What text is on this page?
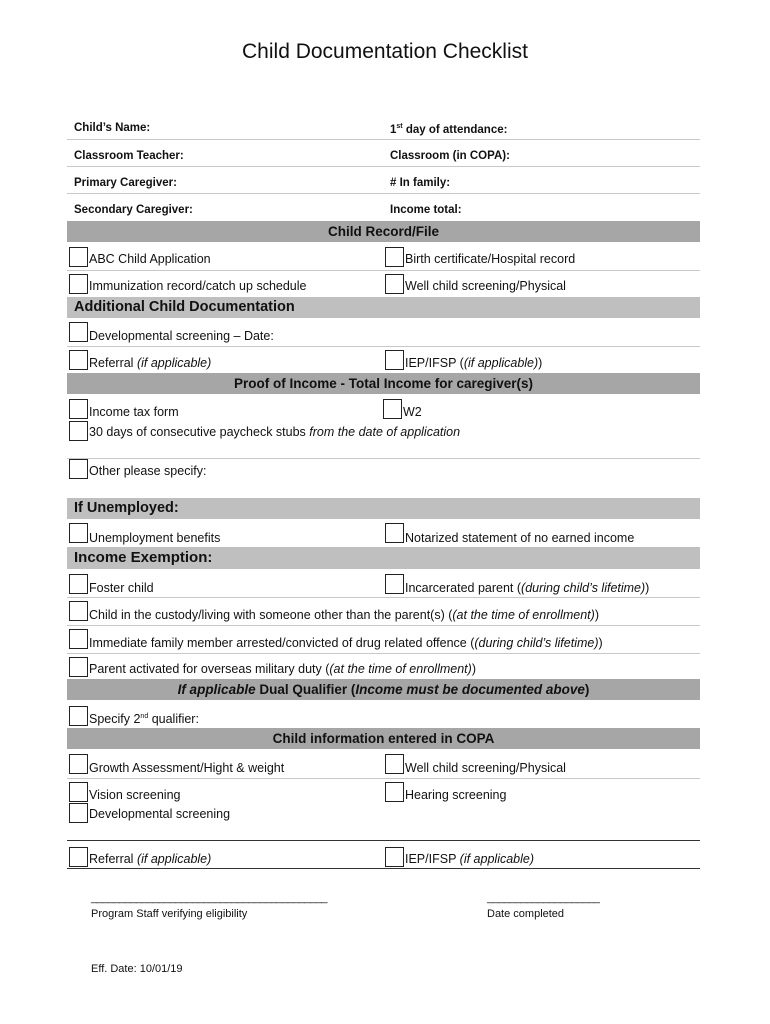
Child Documentation Checklist
Child’s Name:	1st day of attendance:
Classroom Teacher:	Classroom (in COPA):
Primary Caregiver:	# In family:
Secondary Caregiver:	Income total:
Child Record/File
ABC Child Application	Birth certificate/Hospital record
Immunization record/catch up schedule	Well child screening/Physical
Additional Child Documentation
Developmental screening – Date:
Referral (if applicable)	IEP/IFSP ((if applicable))
Proof of Income - Total Income for caregiver(s)
Income tax form	W2
30 days of consecutive paycheck stubs from the date of application
Other please specify:
If Unemployed:
Unemployment benefits	Notarized statement of no earned income
Income Exemption:
Foster child	Incarcerated parent ((during child’s lifetime))
Child in the custody/living with someone other than the parent(s) ((at the time of enrollment))
Immediate family member arrested/convicted of drug related offence ((during child’s lifetime))
Parent activated for overseas military duty ((at the time of enrollment))
If applicable Dual Qualifier (Income must be documented above)
Specify 2nd qualifier:
Child information entered in COPA
Growth Assessment/Hight & weight	Well child screening/Physical
Vision screening	Hearing screening
Developmental screening
Referral (if applicable)	IEP/IFSP (if applicable)
__________________________________________
Program Staff verifying eligibility
____________________
Date completed
Eff. Date: 10/01/19
